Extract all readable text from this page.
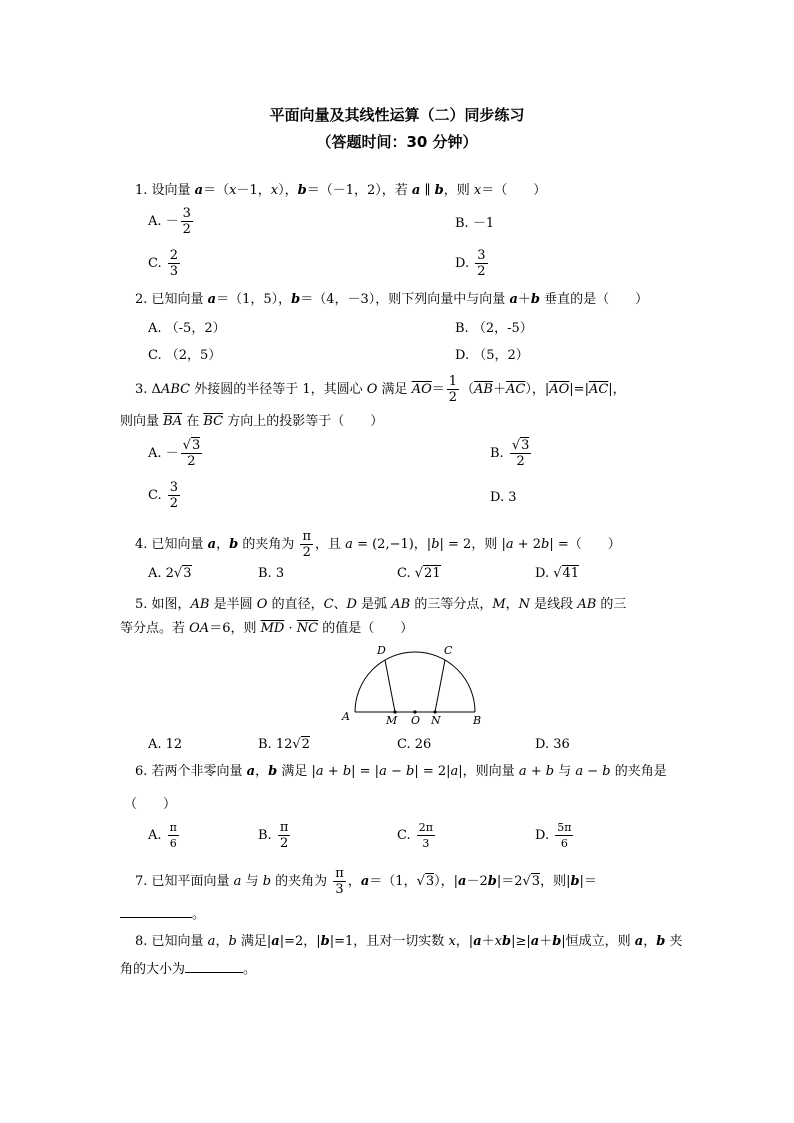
平面向量及其线性运算（二）同步练习
（答题时间：30 分钟）
1. 设向量 a＝（x－1，x），b＝（－1，2），若 a ∥ b，则 x＝（　　）
A. － $\frac{3}{2}$	B. －1
C. $\frac{2}{3}$	D. $\frac{3}{2}$
2. 已知向量 a＝（1，5），b＝（4，－3），则下列向量中与向量 a＋b 垂直的是（　　）
A. （-5，2）	B. （2，-5）
C. （2，5）	D. （5，2）
3. ΔABC 外接圆的半径等于 1，其圆心 O 满足 $\overline{AO}= \frac{1}{2} (\overline{AB}+\overline{AC})$，$|\overline{AO}|=|\overline{AC}|$，
则向量 $\overline{BA}$ 在 $\overline{BC}$ 方向上的投影等于（　　）
A. － $\frac{√3}{2}$	B. $\frac{√3}{2}$
C. $\frac{3}{2}$	D. 3
4. 已知向量 a，b 的夹角为 $\frac{\pi}{2}$ ，且 a = (2,−1)，|b| = 2，则 |a + 2b| =（　　）
A. 2√3	B. 3	C. √21	D. √41
5. 如图，AB 是半圆 O 的直径，C、D 是弧 AB 的三等分点，M，N 是线段 AB 的三
等分点。若 OA＝6，则 $\overline{MD} \cdot \overline{NC}$ 的值是（　　）
D	C
A	M O N	B
A. 12	B. 12√2	C. 26	D. 36
6. 若两个非零向量 a，b 满足 |a + b| = |a − b| = 2|a|，则向量 a + b 与 a − b 的夹角是
（　　）
A. $\frac{\pi}{6}$	B. $\frac{\pi}{2}$	C. $\frac{2\pi}{3}$	D. $\frac{5\pi}{6}$
7. 已知平面向量 a 与 b 的夹角为 $\frac{\pi}{3}$ ，a＝（1，√3），|a－2b|＝2√3，则|b|＝
。
8. 已知向量 a，b 满足|a|=2，|b|=1，且对一切实数 x，|a＋xb|≥|a＋b|恒成立，则 a，b 夹
角的大小为	。
